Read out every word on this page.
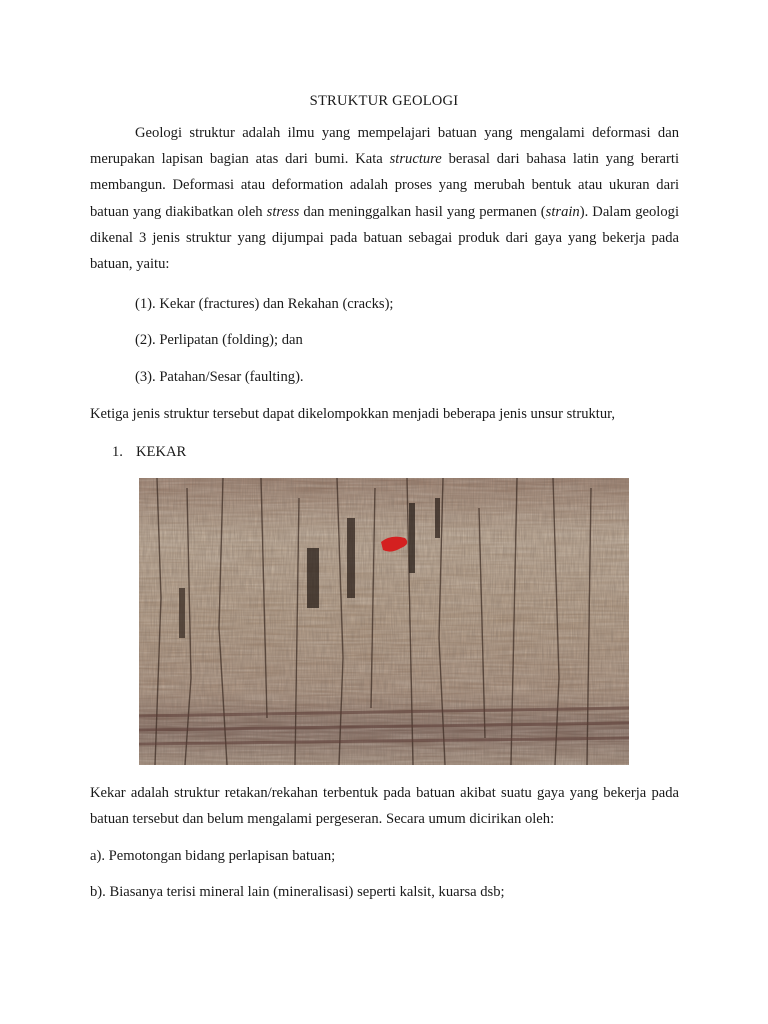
STRUKTUR GEOLOGI

Geologi struktur adalah ilmu yang mempelajari batuan yang mengalami deformasi dan merupakan lapisan bagian atas dari bumi. Kata structure berasal dari bahasa latin yang berarti membangun. Deformasi atau deformation adalah proses yang merubah bentuk atau ukuran dari batuan yang diakibatkan oleh stress dan meninggalkan hasil yang permanen (strain). Dalam geologi dikenal 3 jenis struktur yang dijumpai pada batuan sebagai produk dari gaya yang bekerja pada batuan, yaitu:

(1). Kekar (fractures) dan Rekahan (cracks);
(2). Perlipatan (folding); dan
(3). Patahan/Sesar (faulting).
Ketiga jenis struktur tersebut dapat dikelompokkan menjadi beberapa jenis unsur struktur,
1. KEKAR

Kekar adalah struktur retakan/rekahan terbentuk pada batuan akibat suatu gaya yang bekerja pada batuan tersebut dan belum mengalami pergeseran. Secara umum dicirikan oleh:

a). Pemotongan bidang perlapisan batuan;
b). Biasanya terisi mineral lain (mineralisasi) seperti kalsit, kuarsa dsb;
